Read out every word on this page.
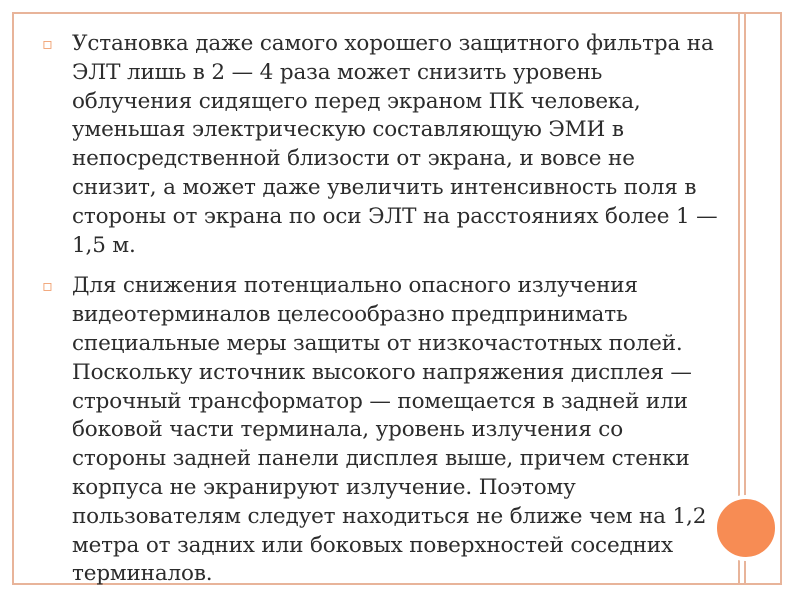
▫ Установка даже самого хорошего защитного фильтра на ЭЛТ лишь в 2 — 4 раза может снизить уровень облучения сидящего перед экраном ПК человека, уменьшая электрическую составляющую ЭМИ в непосредственной близости от экрана, и вовсе не снизит, а может даже увеличить интенсивность поля в стороны от экрана по оси ЭЛТ на расстояниях более 1 — 1,5 м.
▫ Для снижения потенциально опасного излучения видеотерминалов целесообразно предпринимать специальные меры защиты от низкочастотных полей. Поскольку источник высокого напряжения дисплея — строчный трансформатор — помещается в задней или боковой части терминала, уровень излучения со стороны задней панели дисплея выше, причем стенки корпуса не экранируют излучение. Поэтому пользователям следует находиться не ближе чем на 1,2 метра от задних или боковых поверхностей соседних терминалов.
